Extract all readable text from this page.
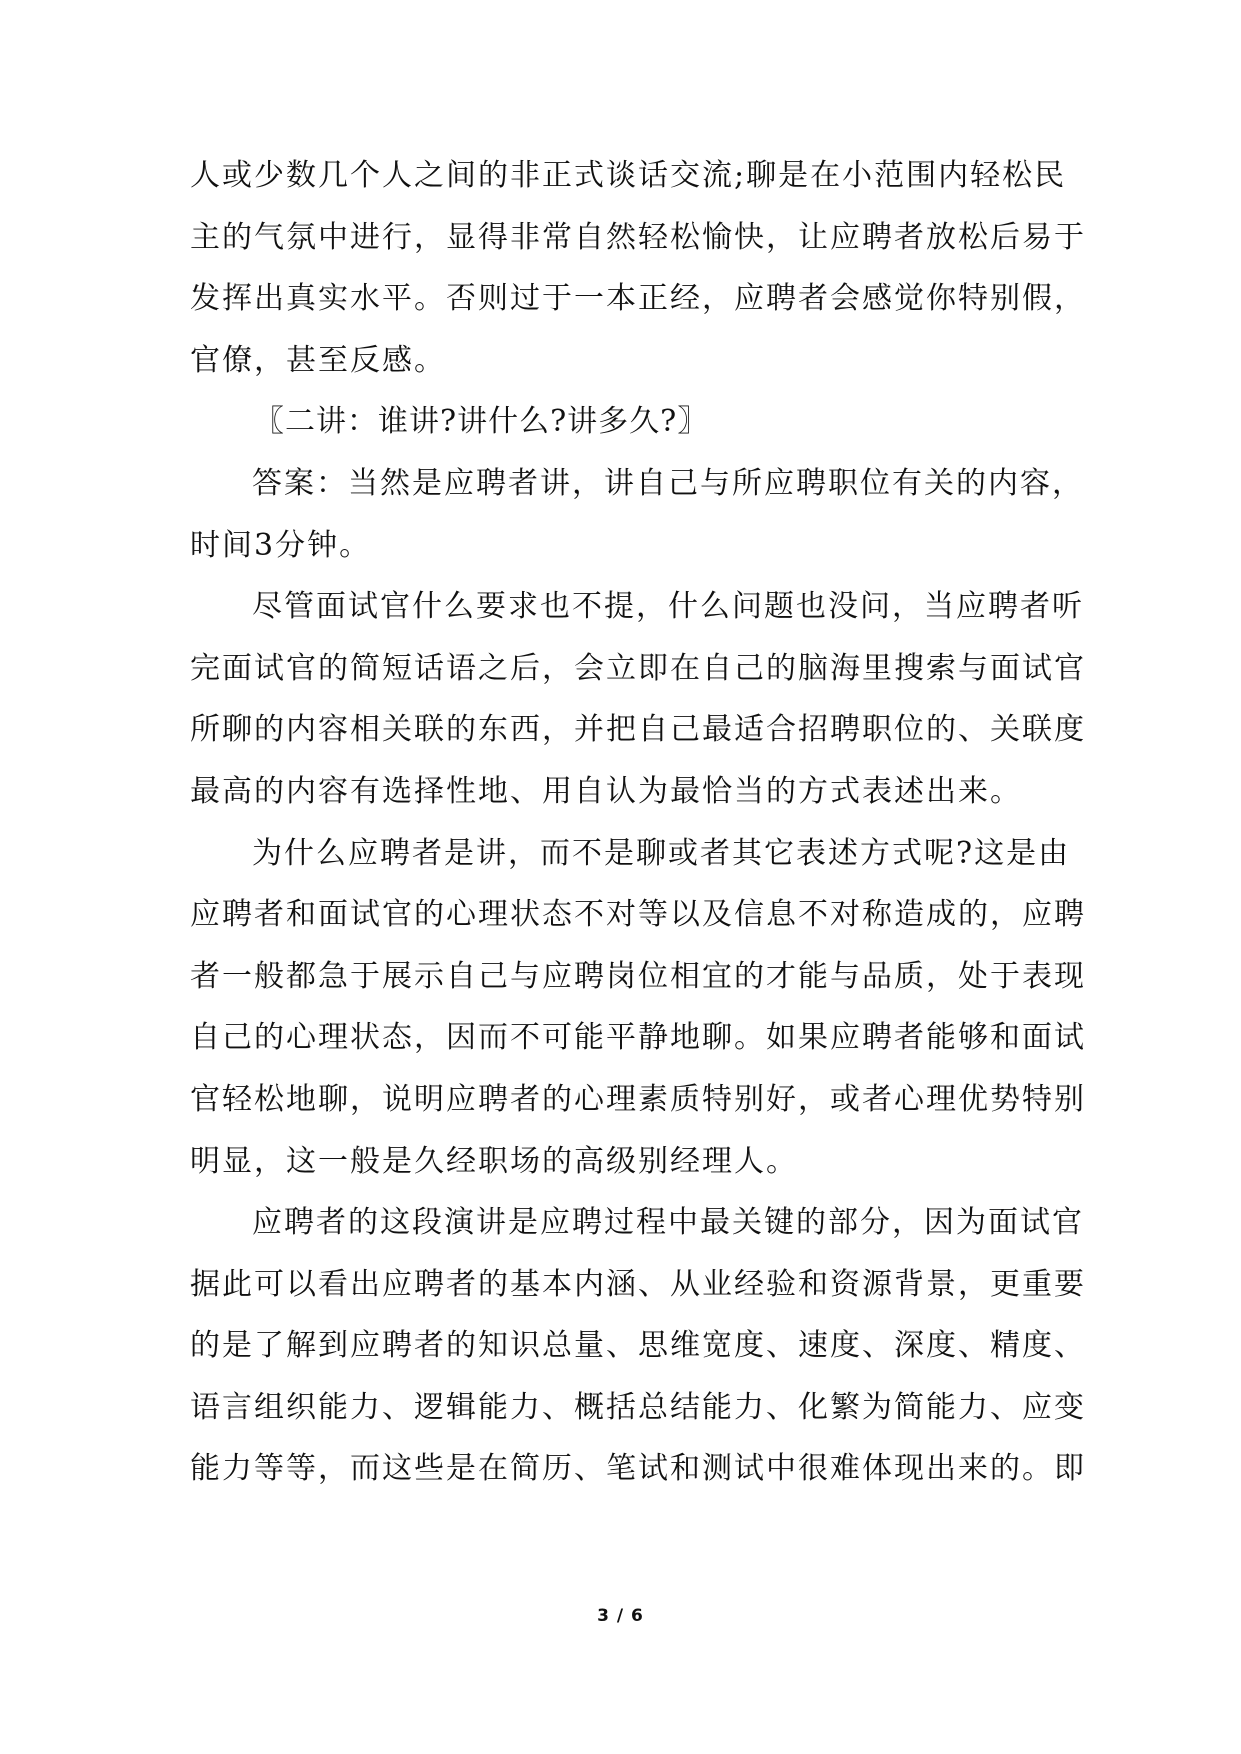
人或少数几个人之间的非正式谈话交流;聊是在小范围内轻松民
主的气氛中进行，显得非常自然轻松愉快，让应聘者放松后易于
发挥出真实水平。否则过于一本正经，应聘者会感觉你特别假，
官僚，甚至反感。
〖二讲：谁讲?讲什么?讲多久?〗
答案：当然是应聘者讲，讲自己与所应聘职位有关的内容，
时间3分钟。
尽管面试官什么要求也不提，什么问题也没问，当应聘者听
完面试官的简短话语之后，会立即在自己的脑海里搜索与面试官
所聊的内容相关联的东西，并把自己最适合招聘职位的、关联度
最高的内容有选择性地、用自认为最恰当的方式表述出来。
为什么应聘者是讲，而不是聊或者其它表述方式呢?这是由
应聘者和面试官的心理状态不对等以及信息不对称造成的，应聘
者一般都急于展示自己与应聘岗位相宜的才能与品质，处于表现
自己的心理状态，因而不可能平静地聊。如果应聘者能够和面试
官轻松地聊，说明应聘者的心理素质特别好，或者心理优势特别
明显，这一般是久经职场的高级别经理人。
应聘者的这段演讲是应聘过程中最关键的部分，因为面试官
据此可以看出应聘者的基本内涵、从业经验和资源背景，更重要
的是了解到应聘者的知识总量、思维宽度、速度、深度、精度、
语言组织能力、逻辑能力、概括总结能力、化繁为简能力、应变
能力等等，而这些是在简历、笔试和测试中很难体现出来的。即
3 / 6
